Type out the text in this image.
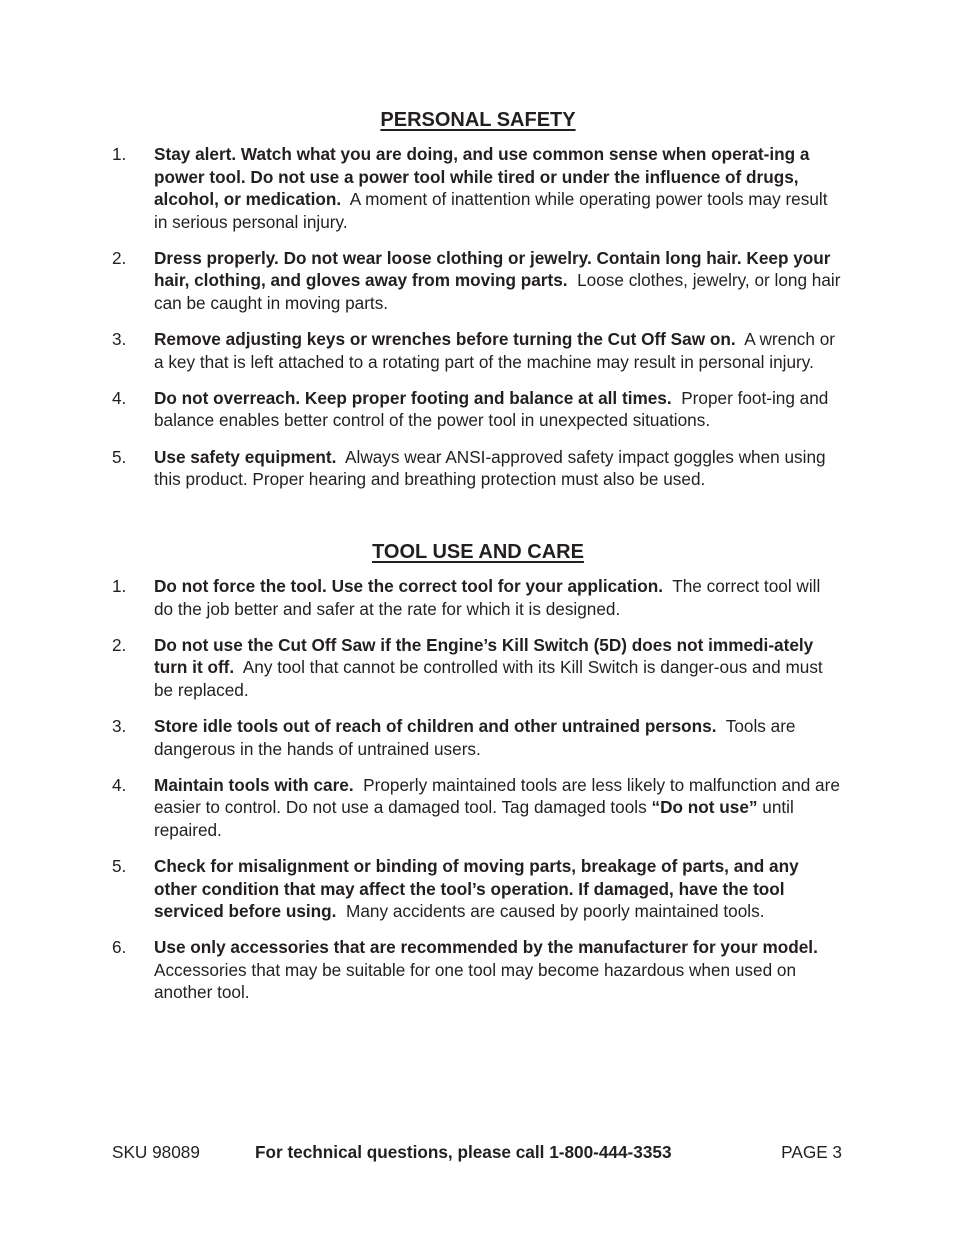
PERSONAL SAFETY
1. Stay alert. Watch what you are doing, and use common sense when operat-ing a power tool. Do not use a power tool while tired or under the influence of drugs, alcohol, or medication. A moment of inattention while operating power tools may result in serious personal injury.
2. Dress properly. Do not wear loose clothing or jewelry. Contain long hair. Keep your hair, clothing, and gloves away from moving parts. Loose clothes, jewelry, or long hair can be caught in moving parts.
3. Remove adjusting keys or wrenches before turning the Cut Off Saw on. A wrench or a key that is left attached to a rotating part of the machine may result in personal injury.
4. Do not overreach. Keep proper footing and balance at all times. Proper foot-ing and balance enables better control of the power tool in unexpected situations.
5. Use safety equipment. Always wear ANSI-approved safety impact goggles when using this product. Proper hearing and breathing protection must also be used.
TOOL USE AND CARE
1. Do not force the tool. Use the correct tool for your application. The correct tool will do the job better and safer at the rate for which it is designed.
2. Do not use the Cut Off Saw if the Engine’s Kill Switch (5D) does not immedi-ately turn it off. Any tool that cannot be controlled with its Kill Switch is danger-ous and must be replaced.
3. Store idle tools out of reach of children and other untrained persons. Tools are dangerous in the hands of untrained users.
4. Maintain tools with care. Properly maintained tools are less likely to malfunction and are easier to control. Do not use a damaged tool. Tag damaged tools “Do not use” until repaired.
5. Check for misalignment or binding of moving parts, breakage of parts, and any other condition that may affect the tool’s operation. If damaged, have the tool serviced before using. Many accidents are caused by poorly maintained tools.
6. Use only accessories that are recommended by the manufacturer for your model.  Accessories that may be suitable for one tool may become hazardous when used on another tool.
SKU 98089	For technical questions, please call 1-800-444-3353	PAGE 3
